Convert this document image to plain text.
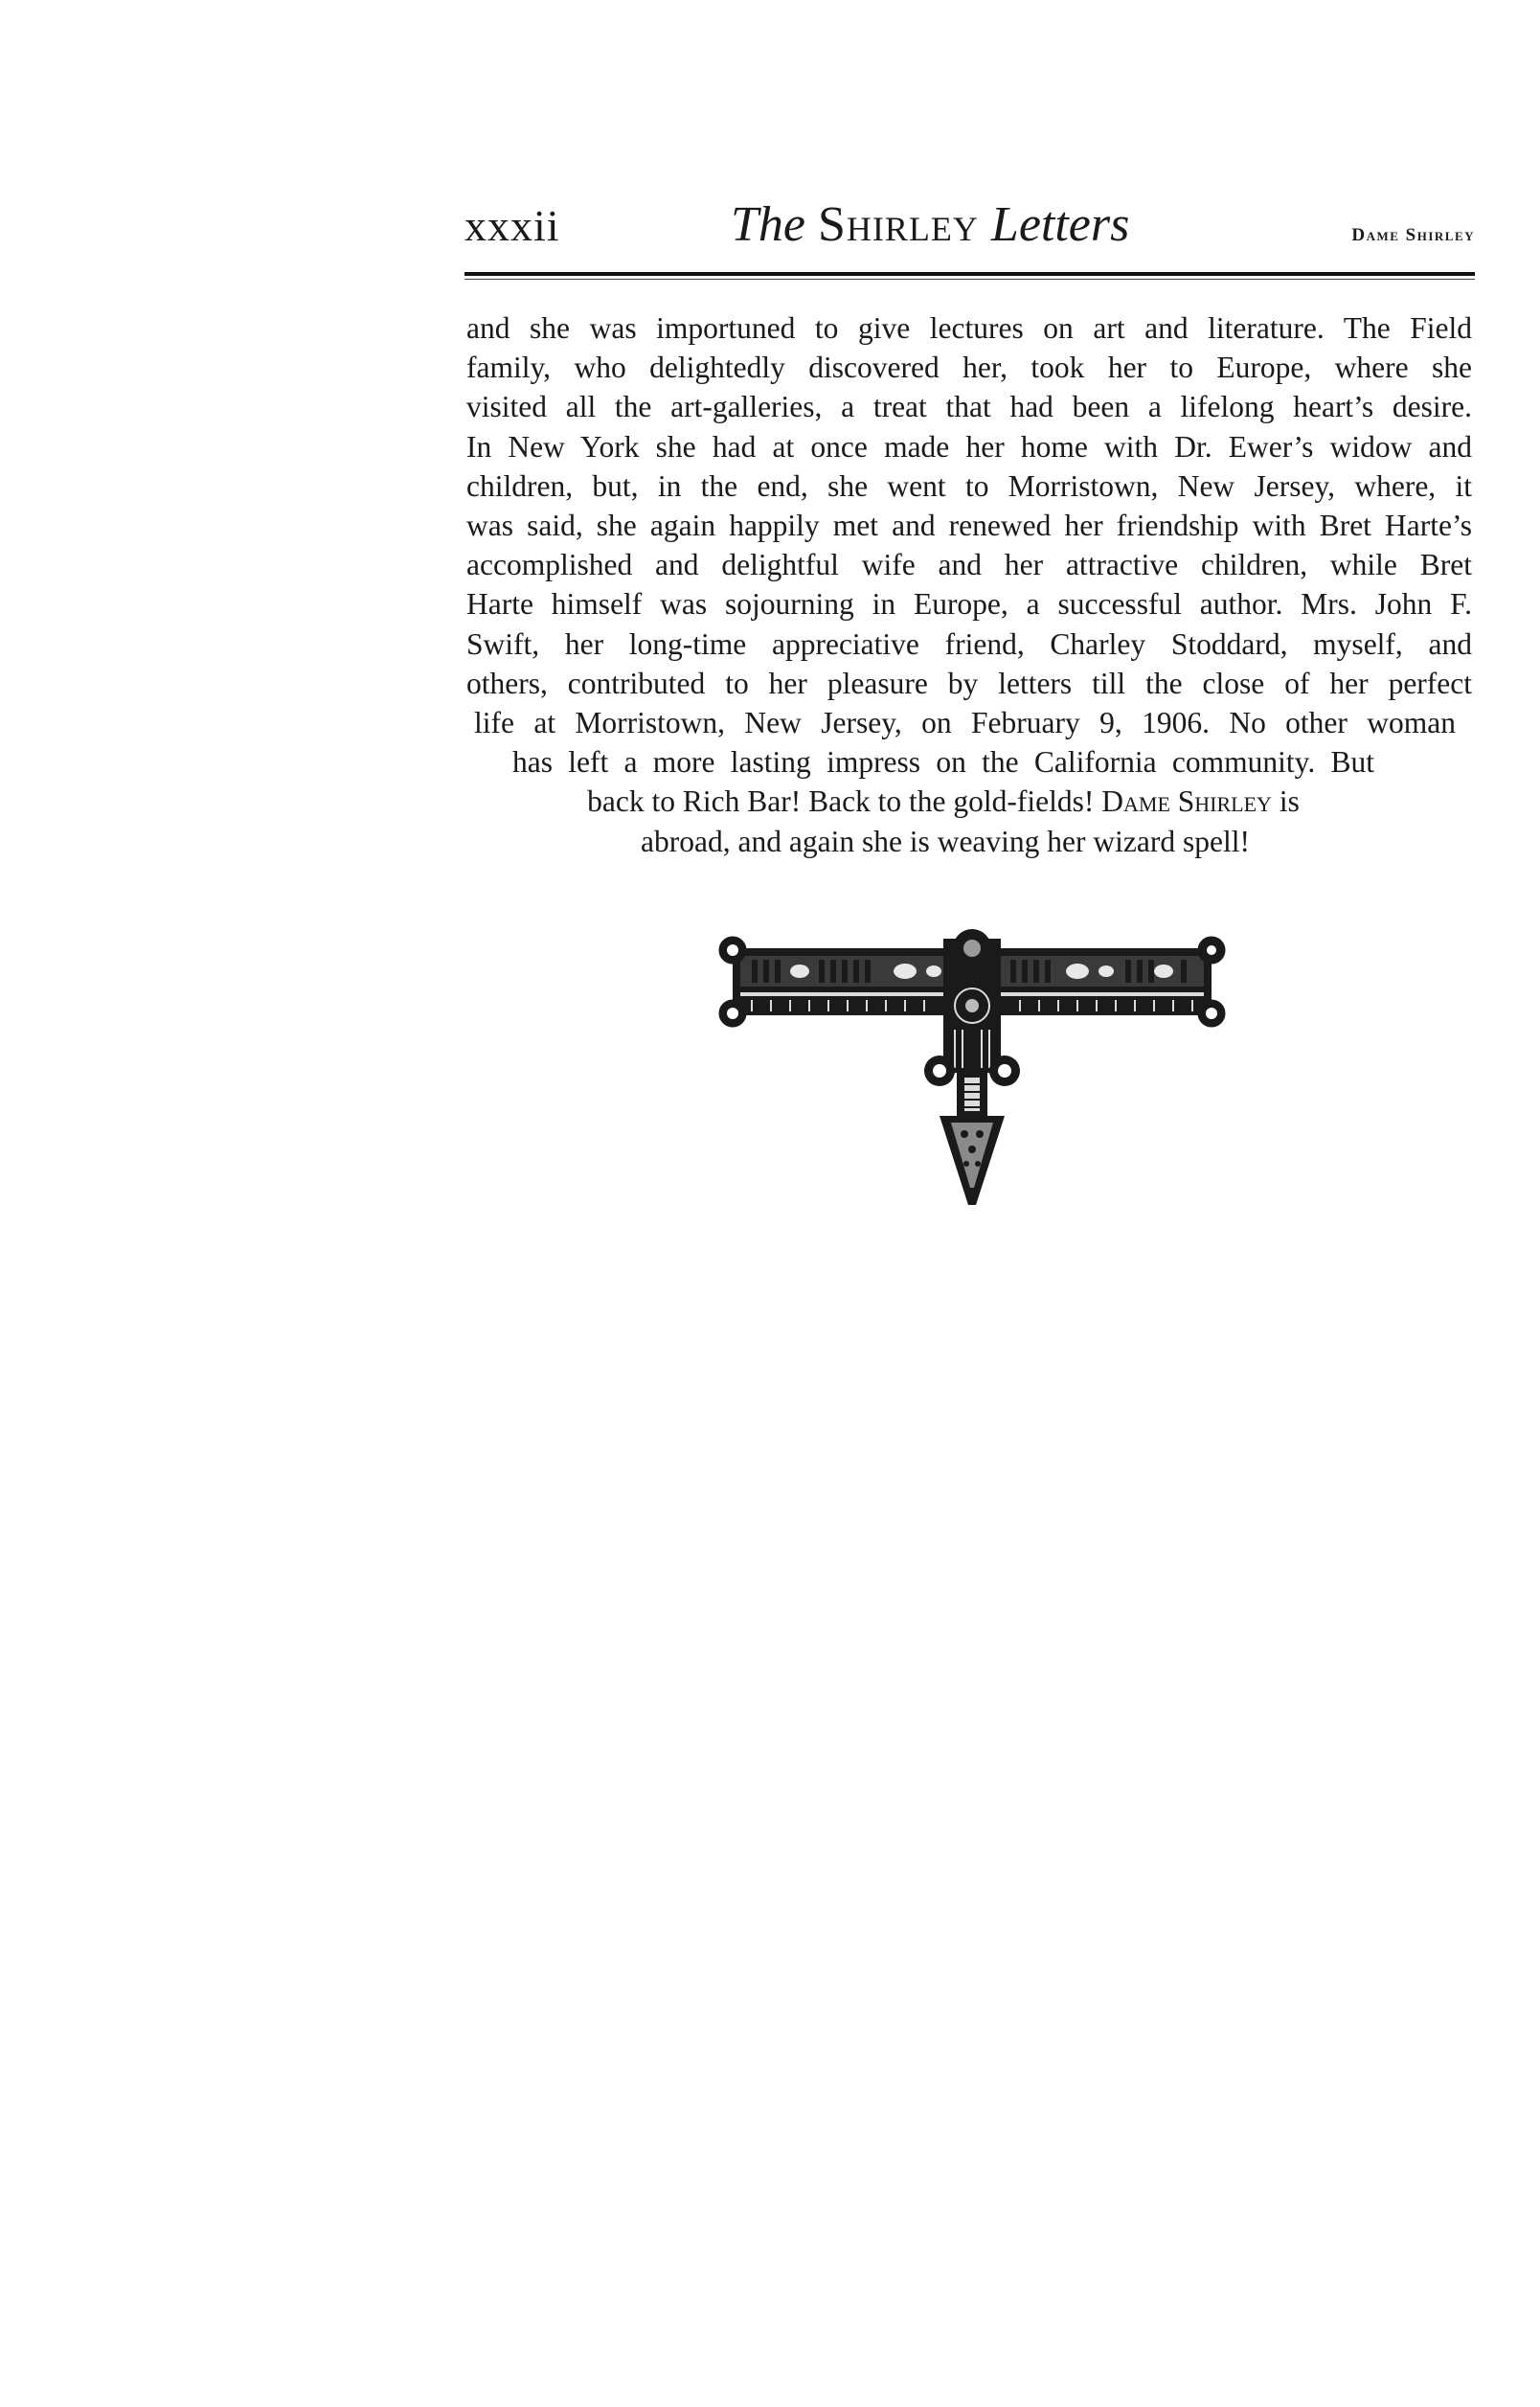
xxxii	The Shirley Letters	Dame Shirley
and she was importuned to give lectures on art and literature. The Field
family, who delightedly discovered her, took her to Europe, where she
visited all the art-galleries, a treat that had been a lifelong heart’s desire.
In New York she had at once made her home with Dr. Ewer’s widow and
children, but, in the end, she went to Morristown, New Jersey, where, it
was said, she again happily met and renewed her friendship with Bret Harte’s
accomplished and delightful wife and her attractive children, while Bret
Harte himself was sojourning in Europe, a successful author. Mrs. John F.
Swift, her long-time appreciative friend, Charley Stoddard, myself, and
others, contributed to her pleasure by letters till the close of her perfect
life at Morristown, New Jersey, on February 9, 1906. No other woman
has left a more lasting impress on the California community. But
back to Rich Bar! Back to the gold-fields! Dame Shirley is
abroad, and again she is weaving her wizard spell!
